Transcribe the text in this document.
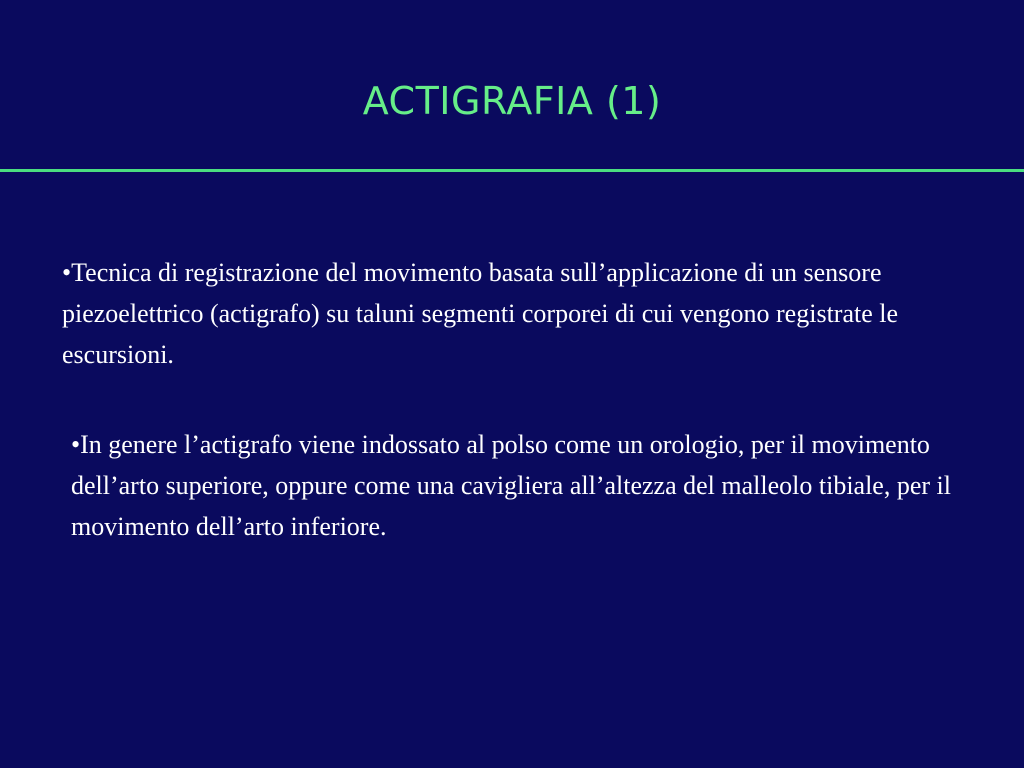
ACTIGRAFIA (1)

•Tecnica di registrazione del movimento basata sull’applicazione di un sensore piezoelettrico (actigrafo) su taluni segmenti corporei di cui vengono registrate le escursioni.

•In genere l’actigrafo viene indossato al polso come un orologio, per il movimento dell’arto superiore, oppure come una cavigliera all’altezza del malleolo tibiale, per il movimento dell’arto inferiore.
